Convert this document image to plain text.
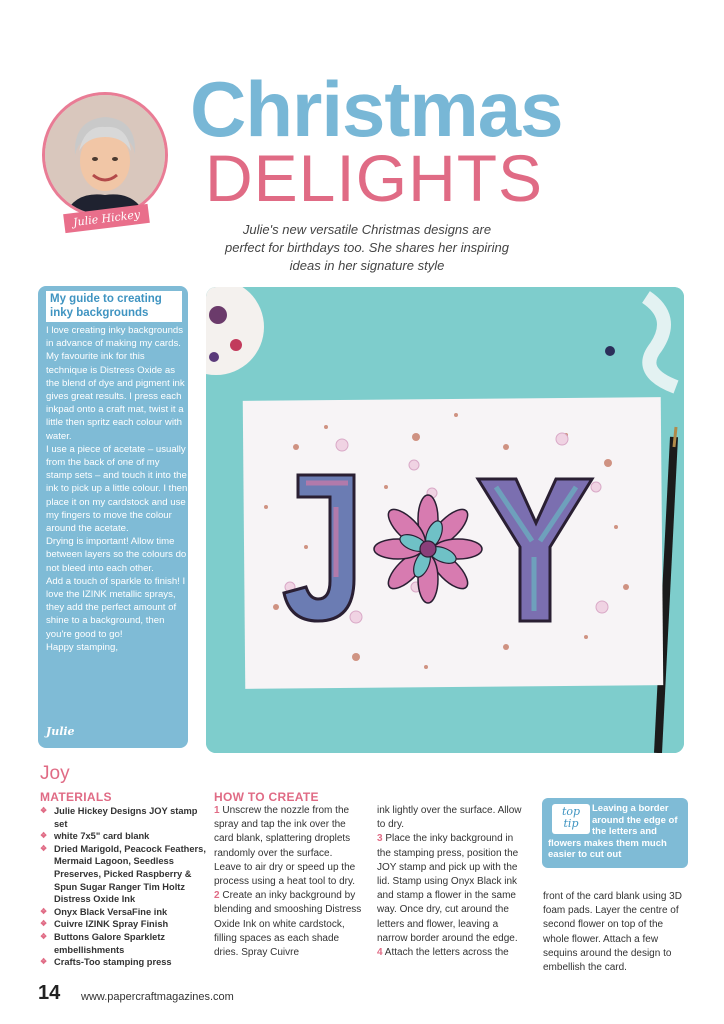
Julie Hickey
Christmas
DELIGHTS
Julie's new versatile Christmas designs are perfect for birthdays too. She shares her inspiring ideas in her signature style
My guide to creating inky backgrounds

I love creating inky backgrounds in advance of making my cards.

My favourite ink for this technique is Distress Oxide as the blend of dye and pigment ink gives great results. I press each inkpad onto a craft mat, twist it a little then spritz each colour with water.

I use a piece of acetate – usually from the back of one of my stamp sets – and touch it into the ink to pick up a little colour. I then place it on my cardstock and use my fingers to move the colour around the acetate.

Drying is important! Allow time between layers so the colours do not bleed into each other.

Add a touch of sparkle to finish! I love the IZINK metallic sprays, they add the perfect amount of shine to a background, then you're good to go!

Happy stamping,

Julie
Joy
MATERIALS
❖ Julie Hickey Designs JOY stamp set
❖ white 7x5" card blank
❖ Dried Marigold, Peacock Feathers, Mermaid Lagoon, Seedless Preserves, Picked Raspberry & Spun Sugar Ranger Tim Holtz Distress Oxide Ink
❖ Onyx Black VersaFine ink
❖ Cuivre IZINK Spray Finish
❖ Buttons Galore Sparkletz embellishments
❖ Crafts-Too stamping press
HOW TO CREATE

1 Unscrew the nozzle from the spray and tap the ink over the card blank, splattering droplets randomly over the surface. Leave to air dry or speed up the process using a heat tool to dry.

2 Create an inky background by blending and smooshing Distress Oxide Ink on white cardstock, filling spaces as each shade dries. Spray Cuivre

ink lightly over the surface. Allow to dry.

3 Place the inky background in the stamping press, position the JOY stamp and pick up with the lid. Stamp using Onyx Black ink and stamp a flower in the same way. Once dry, cut around the letters and flower, leaving a narrow border around the edge.

4 Attach the letters across the

Leaving a border around the edge of the letters and flowers makes them much easier to cut out
top
tip

front of the card blank using 3D foam pads. Layer the centre of second flower on top of the whole flower. Attach a few sequins around the design to embellish the card.

14 www.papercraftmagazines.com
